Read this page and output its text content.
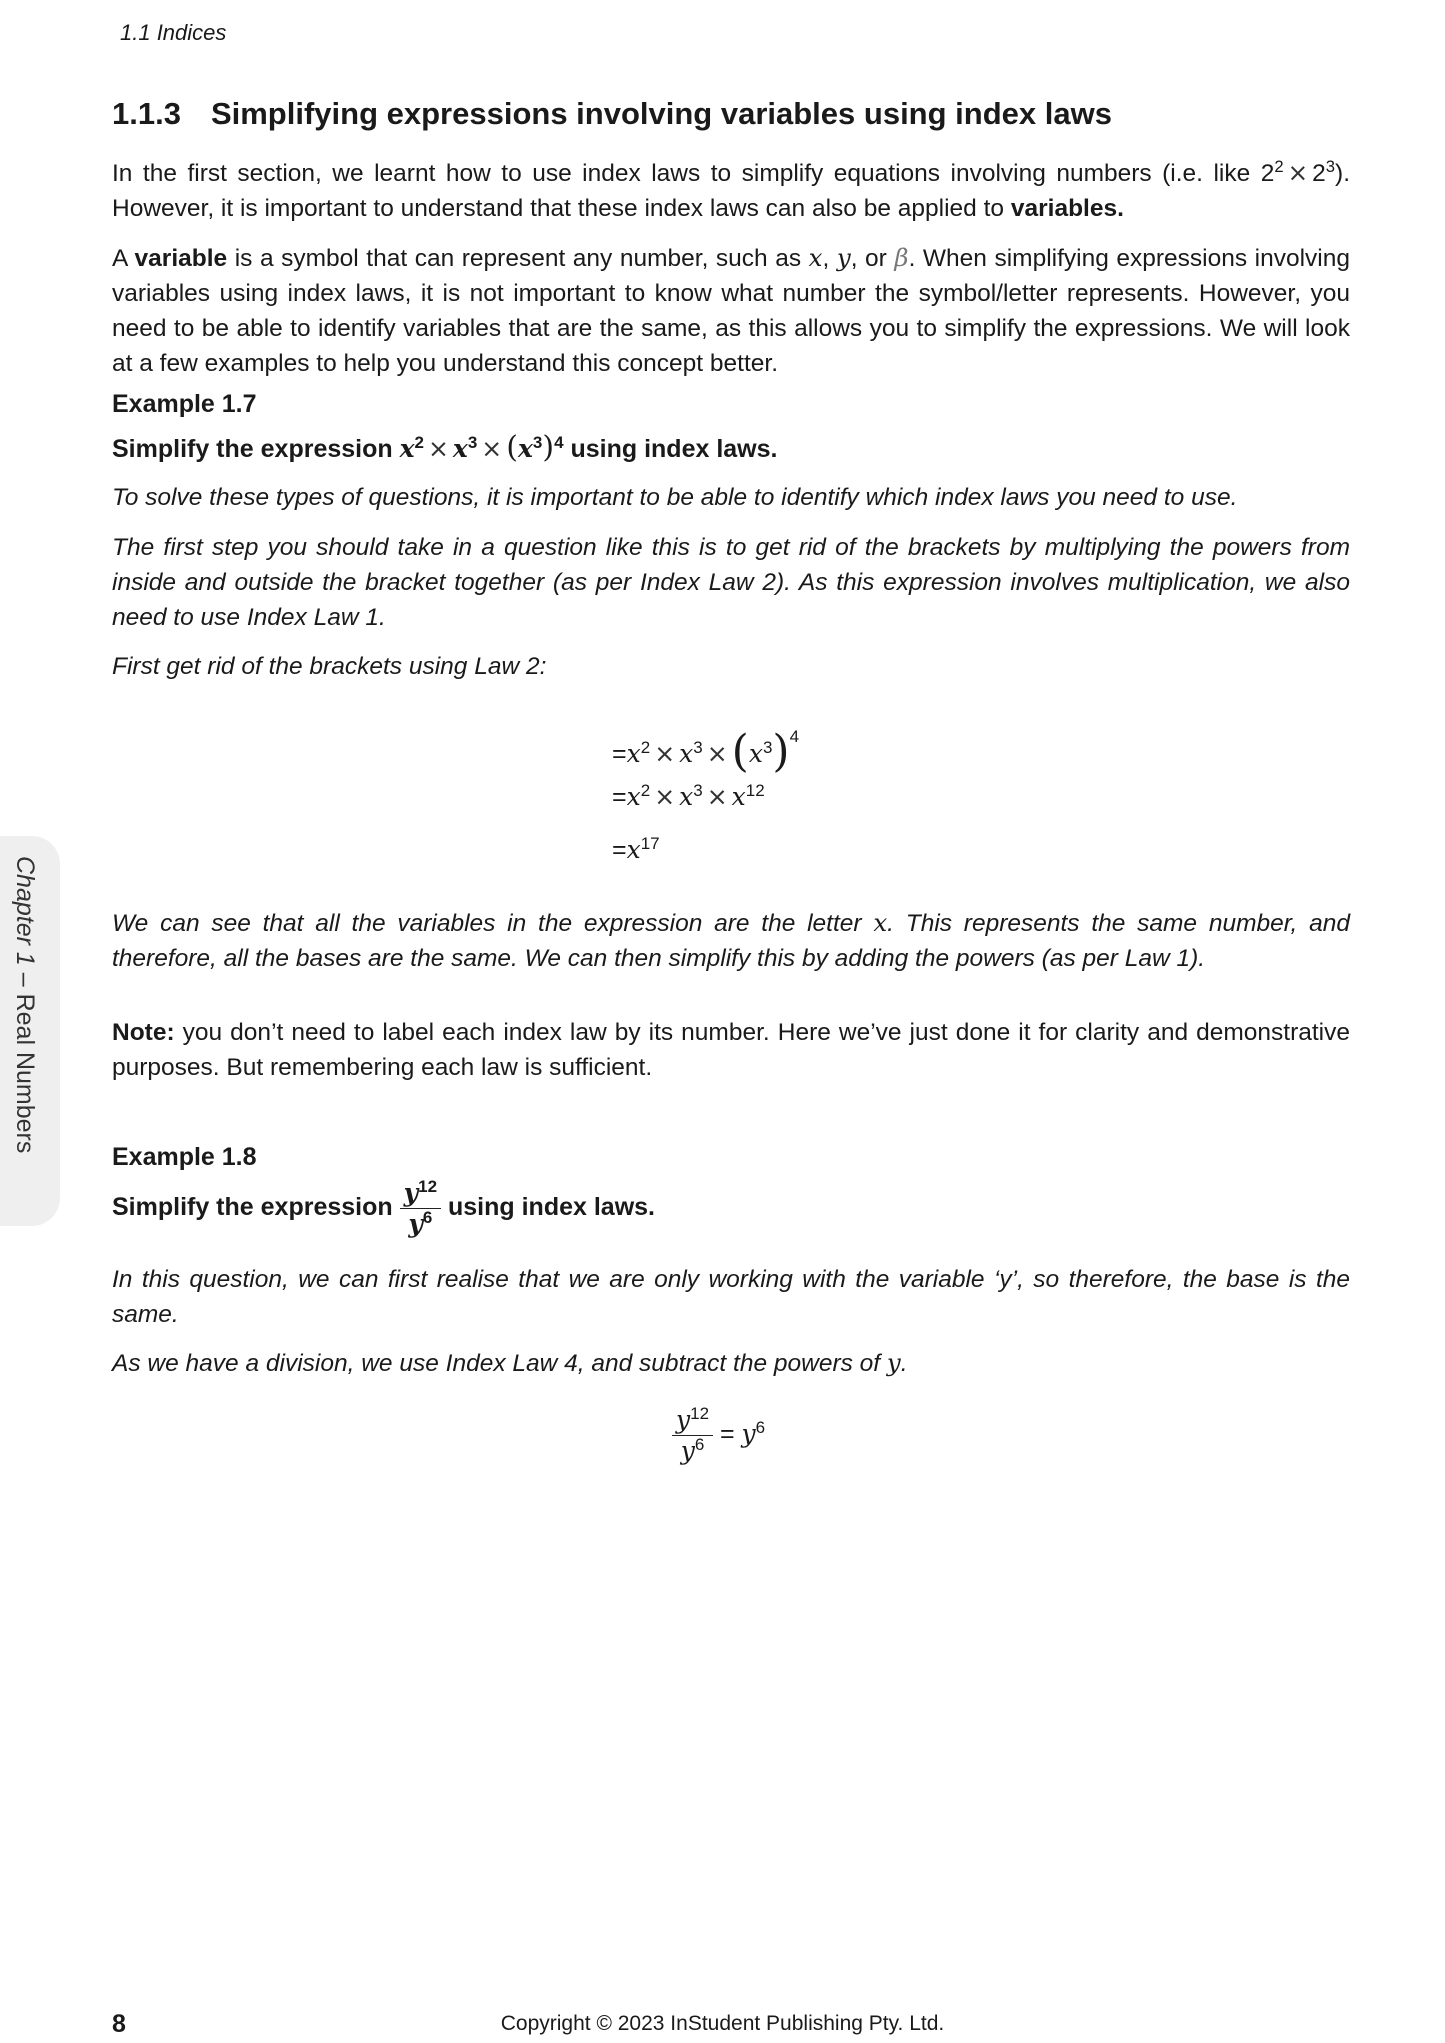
1.1 Indices
1.1.3 Simplifying expressions involving variables using index laws

In the first section, we learnt how to use index laws to simplify equations involving numbers (i.e. like $2^2 \times 2^3$). However, it is important to understand that these index laws can also be applied to variables.

A variable is a symbol that can represent any number, such as x, y, or β. When simplifying expressions involving variables using index laws, it is not important to know what number the symbol/letter represents. However, you need to be able to identify variables that are the same, as this allows you to simplify the expressions. We will look at a few examples to help you understand this concept better.

Example 1.7
Simplify the expression $x^2 \times x^3 \times (x^3)^4$ using index laws.

To solve these types of questions, it is important to be able to identify which index laws you need to use.

The first step you should take in a question like this is to get rid of the brackets by multiplying the powers from inside and outside the bracket together (as per Index Law 2). As this expression involves multiplication, we also need to use Index Law 1.

First get rid of the brackets using Law 2:

$=x^2 \times x^3 \times(x^3)^4$
$=x^2 \times x^3 \times x^{12}$
$=x^{17}$

We can see that all the variables in the expression are the letter x. This represents the same number, and therefore, all the bases are the same. We can then simplify this by adding the powers (as per Law 1).

Note: you don’t need to label each index law by its number. Here we’ve just done it for clarity and demonstrative purposes. But remembering each law is sufficient.

Example 1.8
Simplify the expression $\frac{y^{12}}{y^6}$ using index laws.

In this question, we can first realise that we are only working with the variable ‘y’, so therefore, the base is the same.

As we have a division, we use Index Law 4, and subtract the powers of y.

$\frac{y^{12}}{y^6} = y^6$
Chapter 1 – Real Numbers
8	Copyright © 2023 InStudent Publishing Pty. Ltd.
